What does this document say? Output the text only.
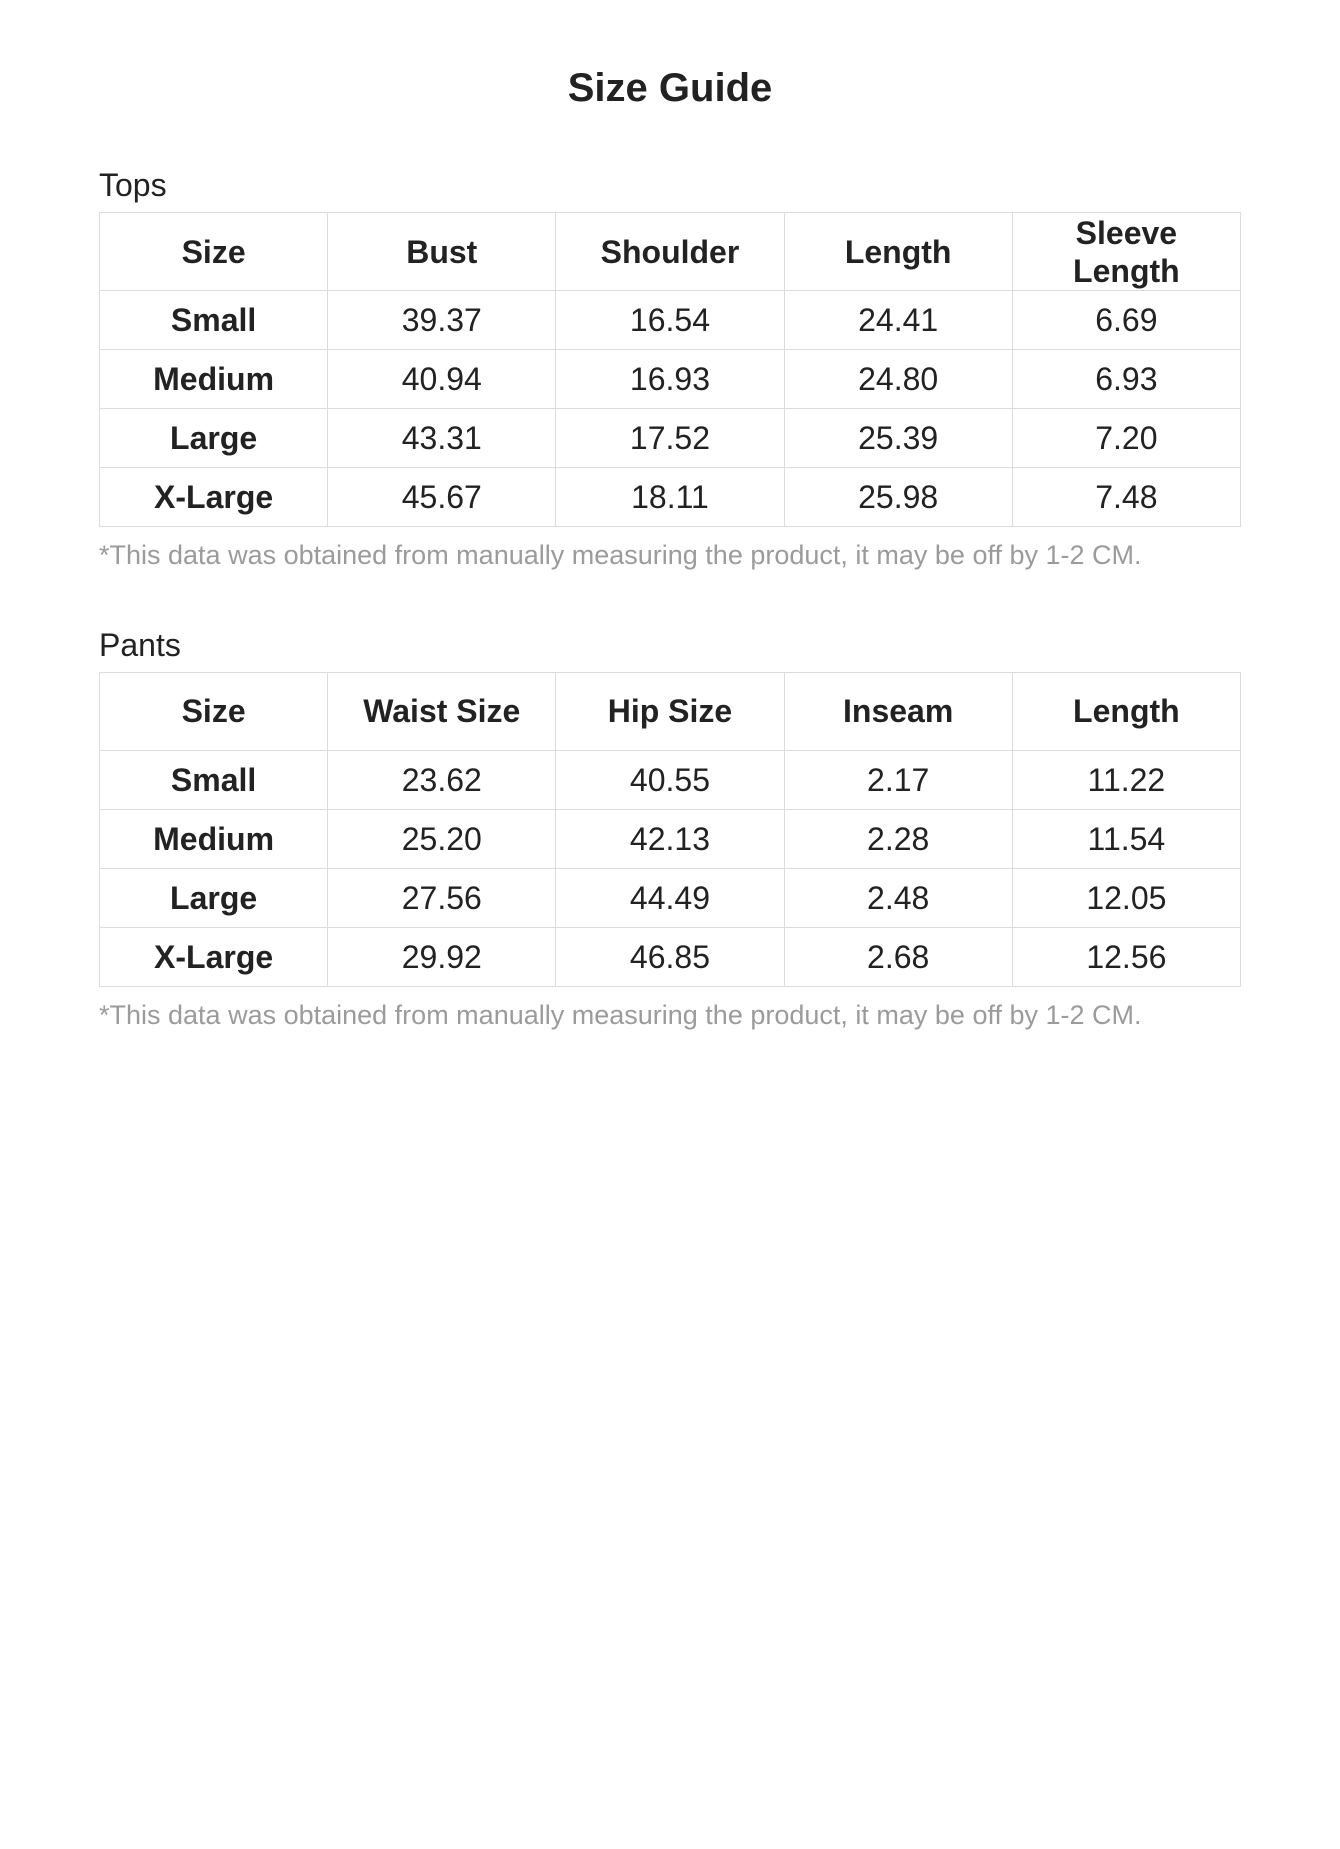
Size Guide
Tops
Size	Bust	Shoulder	Length	Sleeve Length
Small	39.37	16.54	24.41	6.69
Medium	40.94	16.93	24.80	6.93
Large	43.31	17.52	25.39	7.20
X-Large	45.67	18.11	25.98	7.48

*This data was obtained from manually measuring the product, it may be off by 1-2 CM.

Pants
Size	Waist Size	Hip Size	Inseam	Length
Small	23.62	40.55	2.17	11.22
Medium	25.20	42.13	2.28	11.54
Large	27.56	44.49	2.48	12.05
X-Large	29.92	46.85	2.68	12.56

*This data was obtained from manually measuring the product, it may be off by 1-2 CM.
